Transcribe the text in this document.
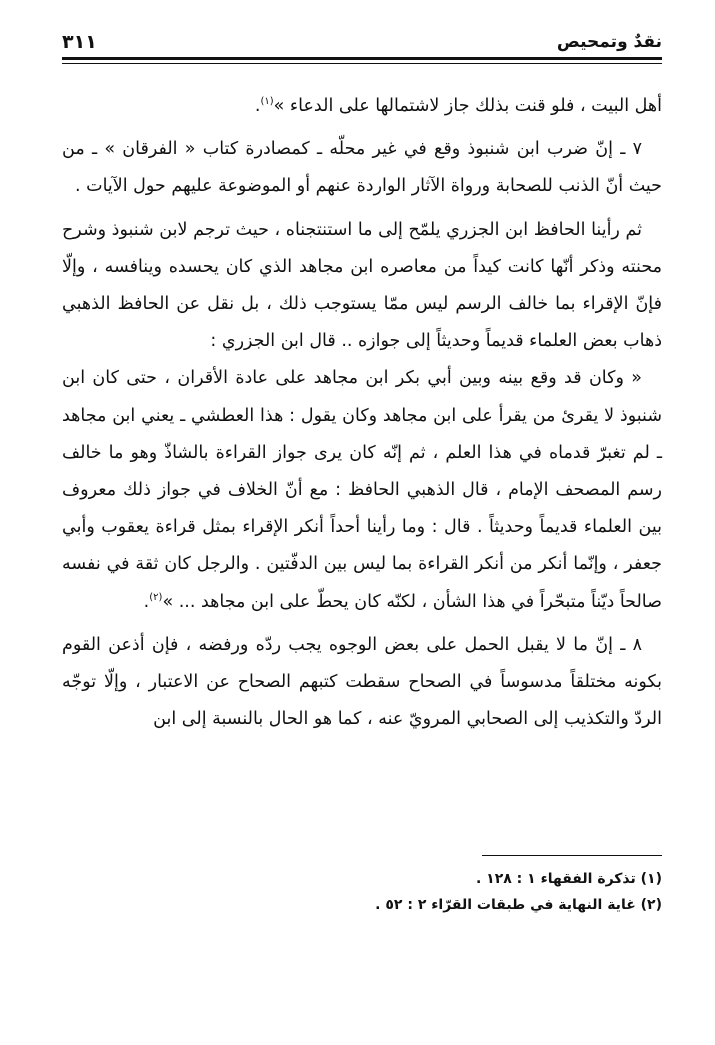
نقدٌ وتمحيص
٣١١

أهل البيت ، فلو قنت بذلك جاز لاشتمالها على الدعاء »$^{(١)}$.

٧ ـ إنّ ضرب ابن شنبوذ وقع في غير محلّه ـ كمصادرة كتاب « الفرقان » ـ من حيث أنّ الذنب للصحابة ورواة الآثار الواردة عنهم أو الموضوعة عليهم حول الآيات .

ثم رأينا الحافظ ابن الجزري يلمّح إلى ما استنتجناه ، حيث ترجم لابن شنبوذ وشرح محنته وذكر أنّها كانت كيداً من معاصره ابن مجاهد الذي كان يحسده وينافسه ، وإلّا فإنّ الإقراء بما خالف الرسم ليس ممّا يستوجب ذلك ، بل نقل عن الحافظ الذهبي ذهاب بعض العلماء قديماً وحديثاً إلى جوازه .. قال ابن الجزري :

« وكان قد وقع بينه وبين أبي بكر ابن مجاهد على عادة الأقران ، حتى كان ابن شنبوذ لا يقرئ من يقرأ على ابن مجاهد وكان يقول : هذا العطشي ـ يعني ابن مجاهد ـ لم تغبرّ قدماه في هذا العلم ، ثم إنّه كان يرى جواز القراءة بالشاذّ وهو ما خالف رسم المصحف الإمام ، قال الذهبي الحافظ : مع أنّ الخلاف في جواز ذلك معروف بين العلماء قديماً وحديثاً . قال : وما رأينا أحداً أنكر الإقراء بمثل قراءة يعقوب وأبي جعفر ، وإنّما أنكر من أنكر القراءة بما ليس بين الدفّتين . والرجل كان ثقة في نفسه صالحاً ديّناً متبحّراً في هذا الشأن ، لكنّه كان يحطّ على ابن مجاهد ... »$^{(٢)}$.

٨ ـ إنّ ما لا يقبل الحمل على بعض الوجوه يجب ردّه ورفضه ، فإن أذعن القوم بكونه مختلقاً مدسوساً في الصحاح سقطت كتبهم الصحاح عن الاعتبار ، وإلّا توجّه الردّ والتكذيب إلى الصحابي المرويّ عنه ، كما هو الحال بالنسبة إلى ابن

(١) تذكرة الفقهاء ١ : ١٢٨ .
(٢) غاية النهاية في طبقات القرّاء ٢ : ٥٢ .
